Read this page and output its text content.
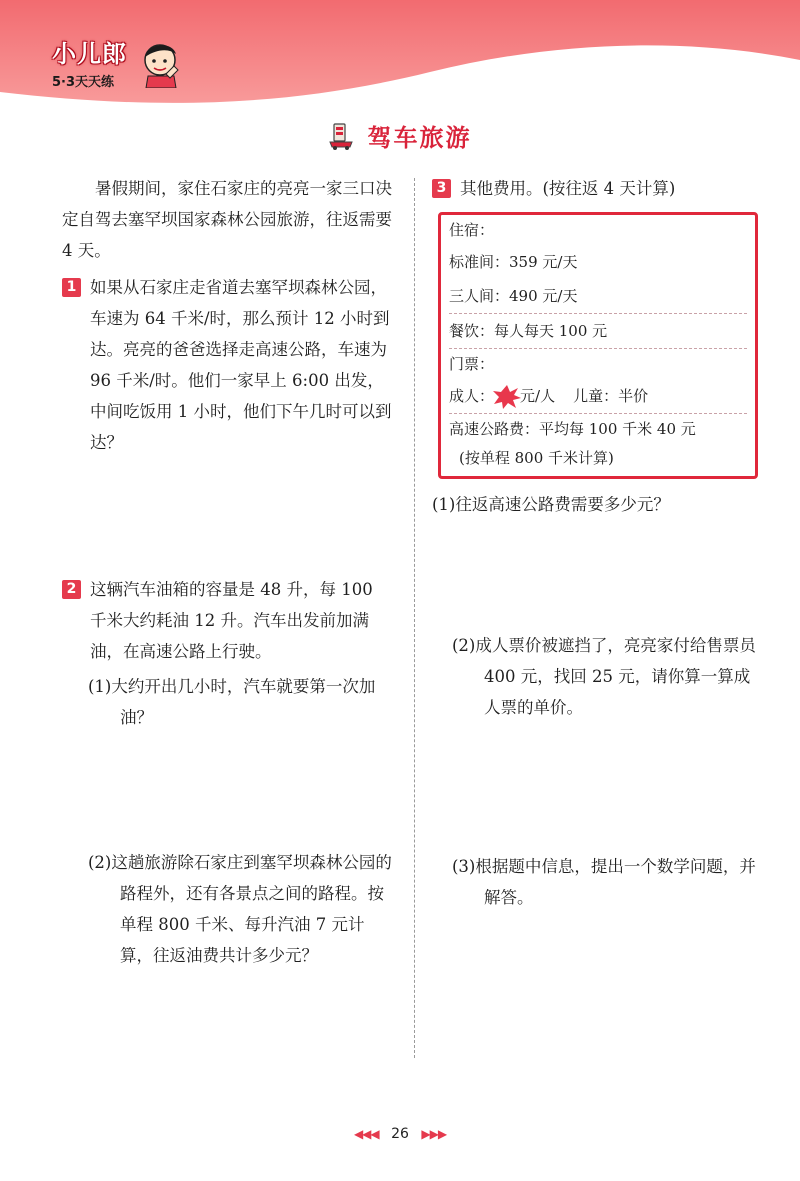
小儿郎
5·3天天练
驾车旅游

暑假期间，家住石家庄的亮亮一家三口决定自驾去塞罕坝国家森林公园旅游，往返需要 4 天。

1 如果从石家庄走省道去塞罕坝森林公园，车速为 64 千米/时，那么预计 12 小时到达。亮亮的爸爸选择走高速公路，车速为 96 千米/时。他们一家早上 6:00 出发，中间吃饭用 1 小时，他们下午几时可以到达？

2 这辆汽车油箱的容量是 48 升，每 100 千米大约耗油 12 升。汽车出发前加满油，在高速公路上行驶。

(1)大约开出几小时，汽车就要第一次加油？

(2)这趟旅游除石家庄到塞罕坝森林公园的路程外，还有各景点之间的路程。按单程 800 千米、每升汽油 7 元计算，往返油费共计多少元？

3 其他费用。(按往返 4 天计算)

住宿：
标准间：359 元/天
三人间：490 元/天
餐饮：每人每天 100 元
门票：
成人： 元/人 儿童：半价
高速公路费：平均每 100 千米 40 元
(按单程 800 千米计算)

(1)往返高速公路费需要多少元？

(2)成人票价被遮挡了，亮亮家付给售票员 400 元，找回 25 元，请你算一算成人票的单价。

(3)根据题中信息，提出一个数学问题，并解答。

◀◀◀ 26 ▶▶▶
